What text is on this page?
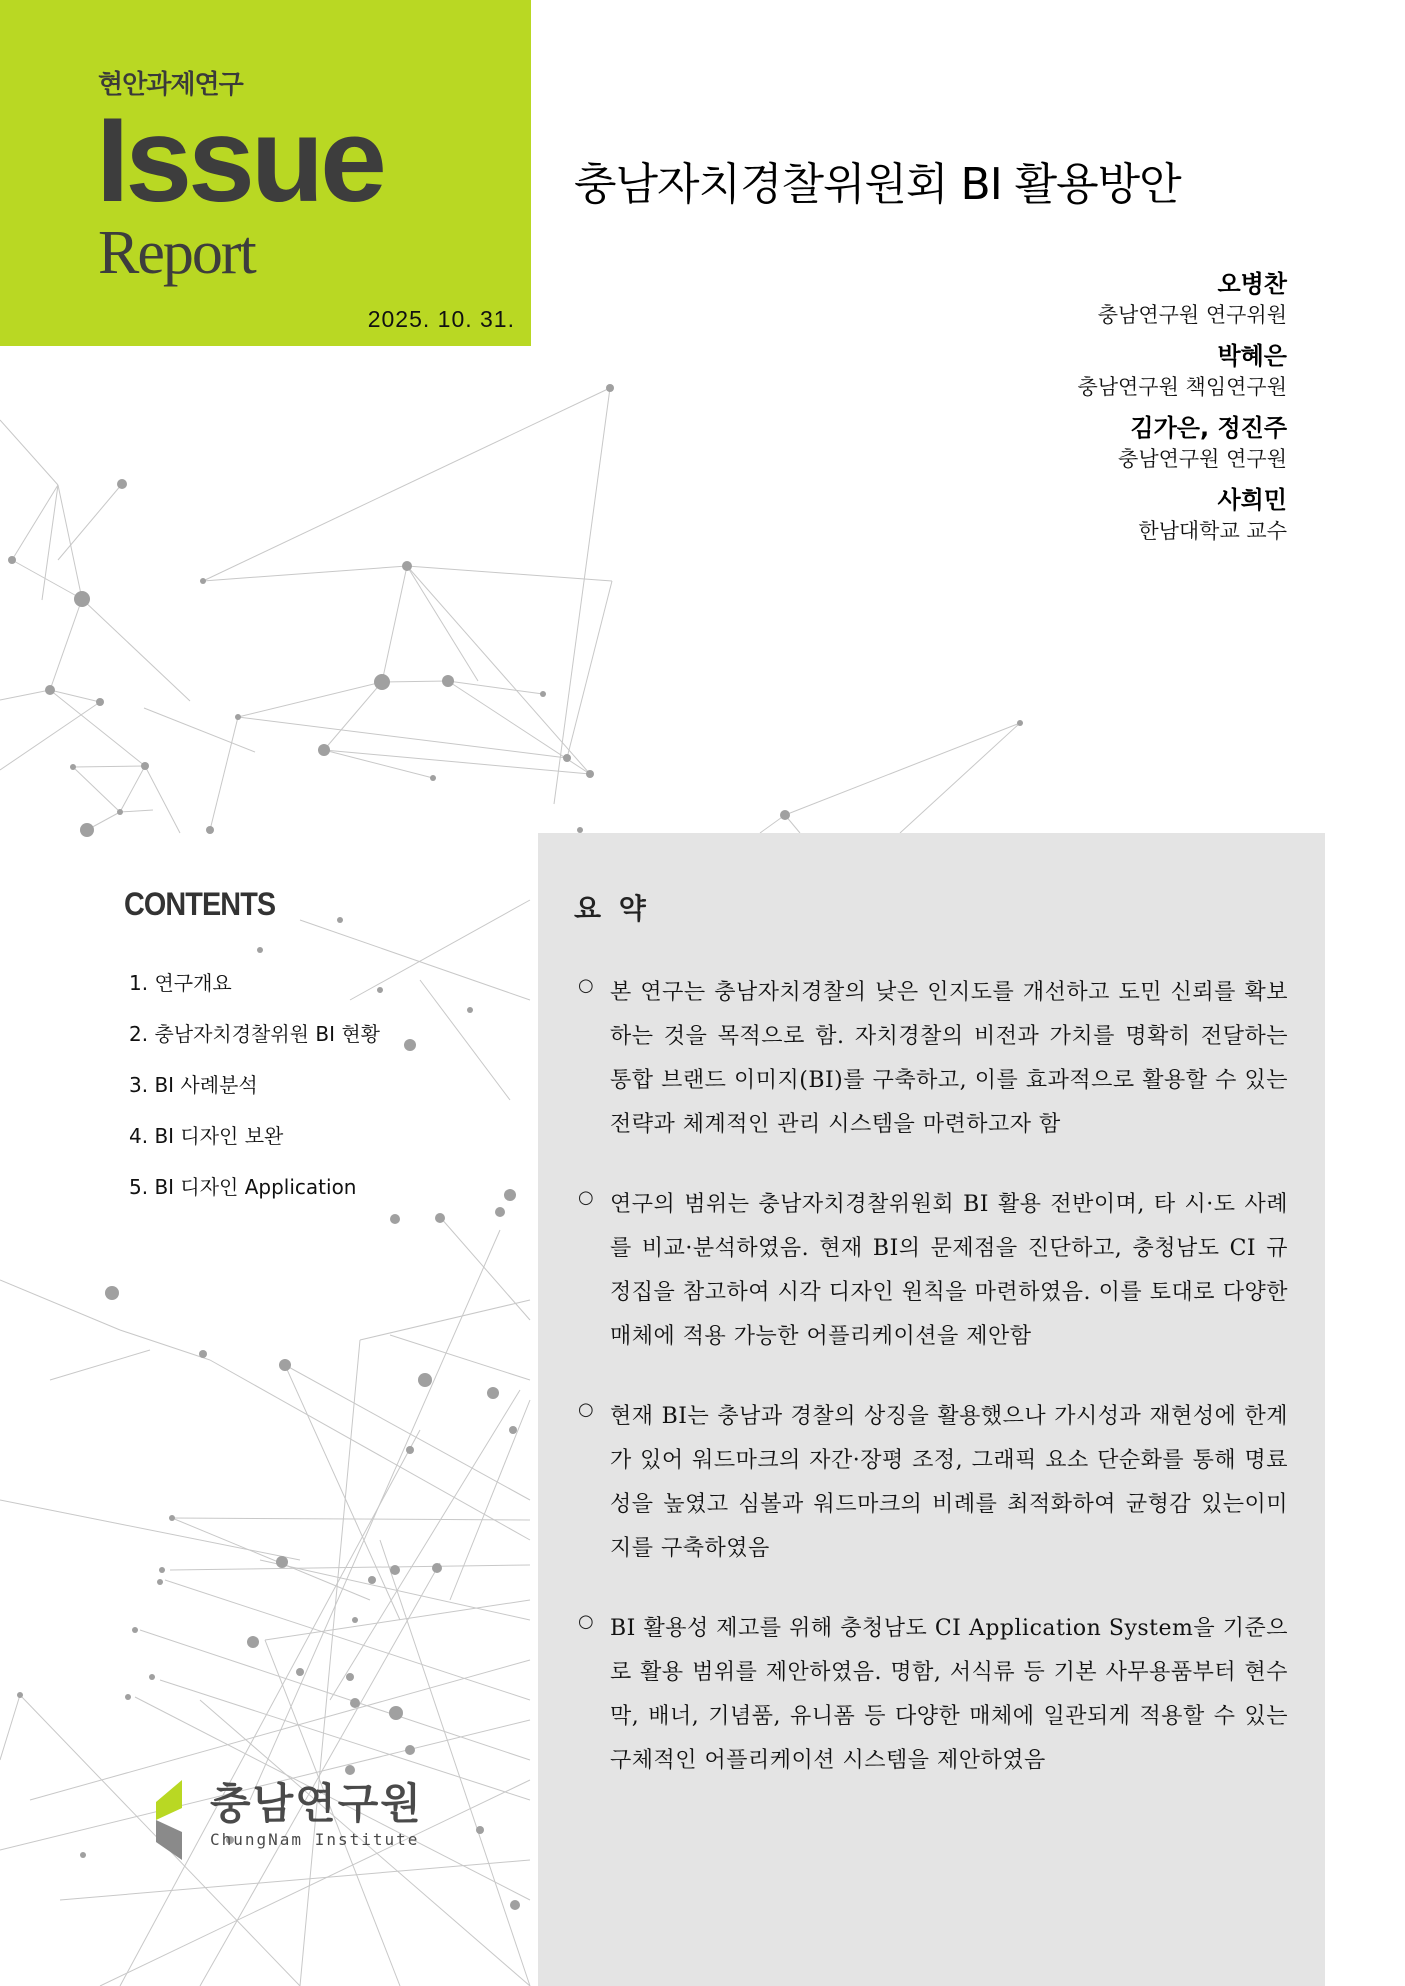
현안과제연구
Issue
Report
2025. 10. 31.
충남자치경찰위원회 BI 활용방안
오병찬
충남연구원 연구위원
박혜은
충남연구원 책임연구원
김가은, 정진주
충남연구원 연구원
사희민
한남대학교 교수
CONTENTS
1. 연구개요
2. 충남자치경찰위원 BI 현황
3. BI 사례분석
4. BI 디자인 보완
5. BI 디자인 Application
요 약
○ 본 연구는 충남자치경찰의 낮은 인지도를 개선하고 도민 신뢰를 확보하는 것을 목적으로 함. 자치경찰의 비전과 가치를 명확히 전달하는 통합 브랜드 이미지(BI)를 구축하고, 이를 효과적으로 활용할 수 있는 전략과 체계적인 관리 시스템을 마련하고자 함
○ 연구의 범위는 충남자치경찰위원회 BI 활용 전반이며, 타 시·도 사례를 비교·분석하였음. 현재 BI의 문제점을 진단하고, 충청남도 CI 규정집을 참고하여 시각 디자인 원칙을 마련하였음. 이를 토대로 다양한 매체에 적용 가능한 어플리케이션을 제안함
○ 현재 BI는 충남과 경찰의 상징을 활용했으나 가시성과 재현성에 한계가 있어 워드마크의 자간·장평 조정, 그래픽 요소 단순화를 통해 명료성을 높였고 심볼과 워드마크의 비례를 최적화하여 균형감 있는이미지를 구축하였음
○ BI 활용성 제고를 위해 충청남도 CI Application System을 기준으로 활용 범위를 제안하였음. 명함, 서식류 등 기본 사무용품부터 현수막, 배너, 기념품, 유니폼 등 다양한 매체에 일관되게 적용할 수 있는 구체적인 어플리케이션 시스템을 제안하였음
충남연구원
ChungNam Institute
